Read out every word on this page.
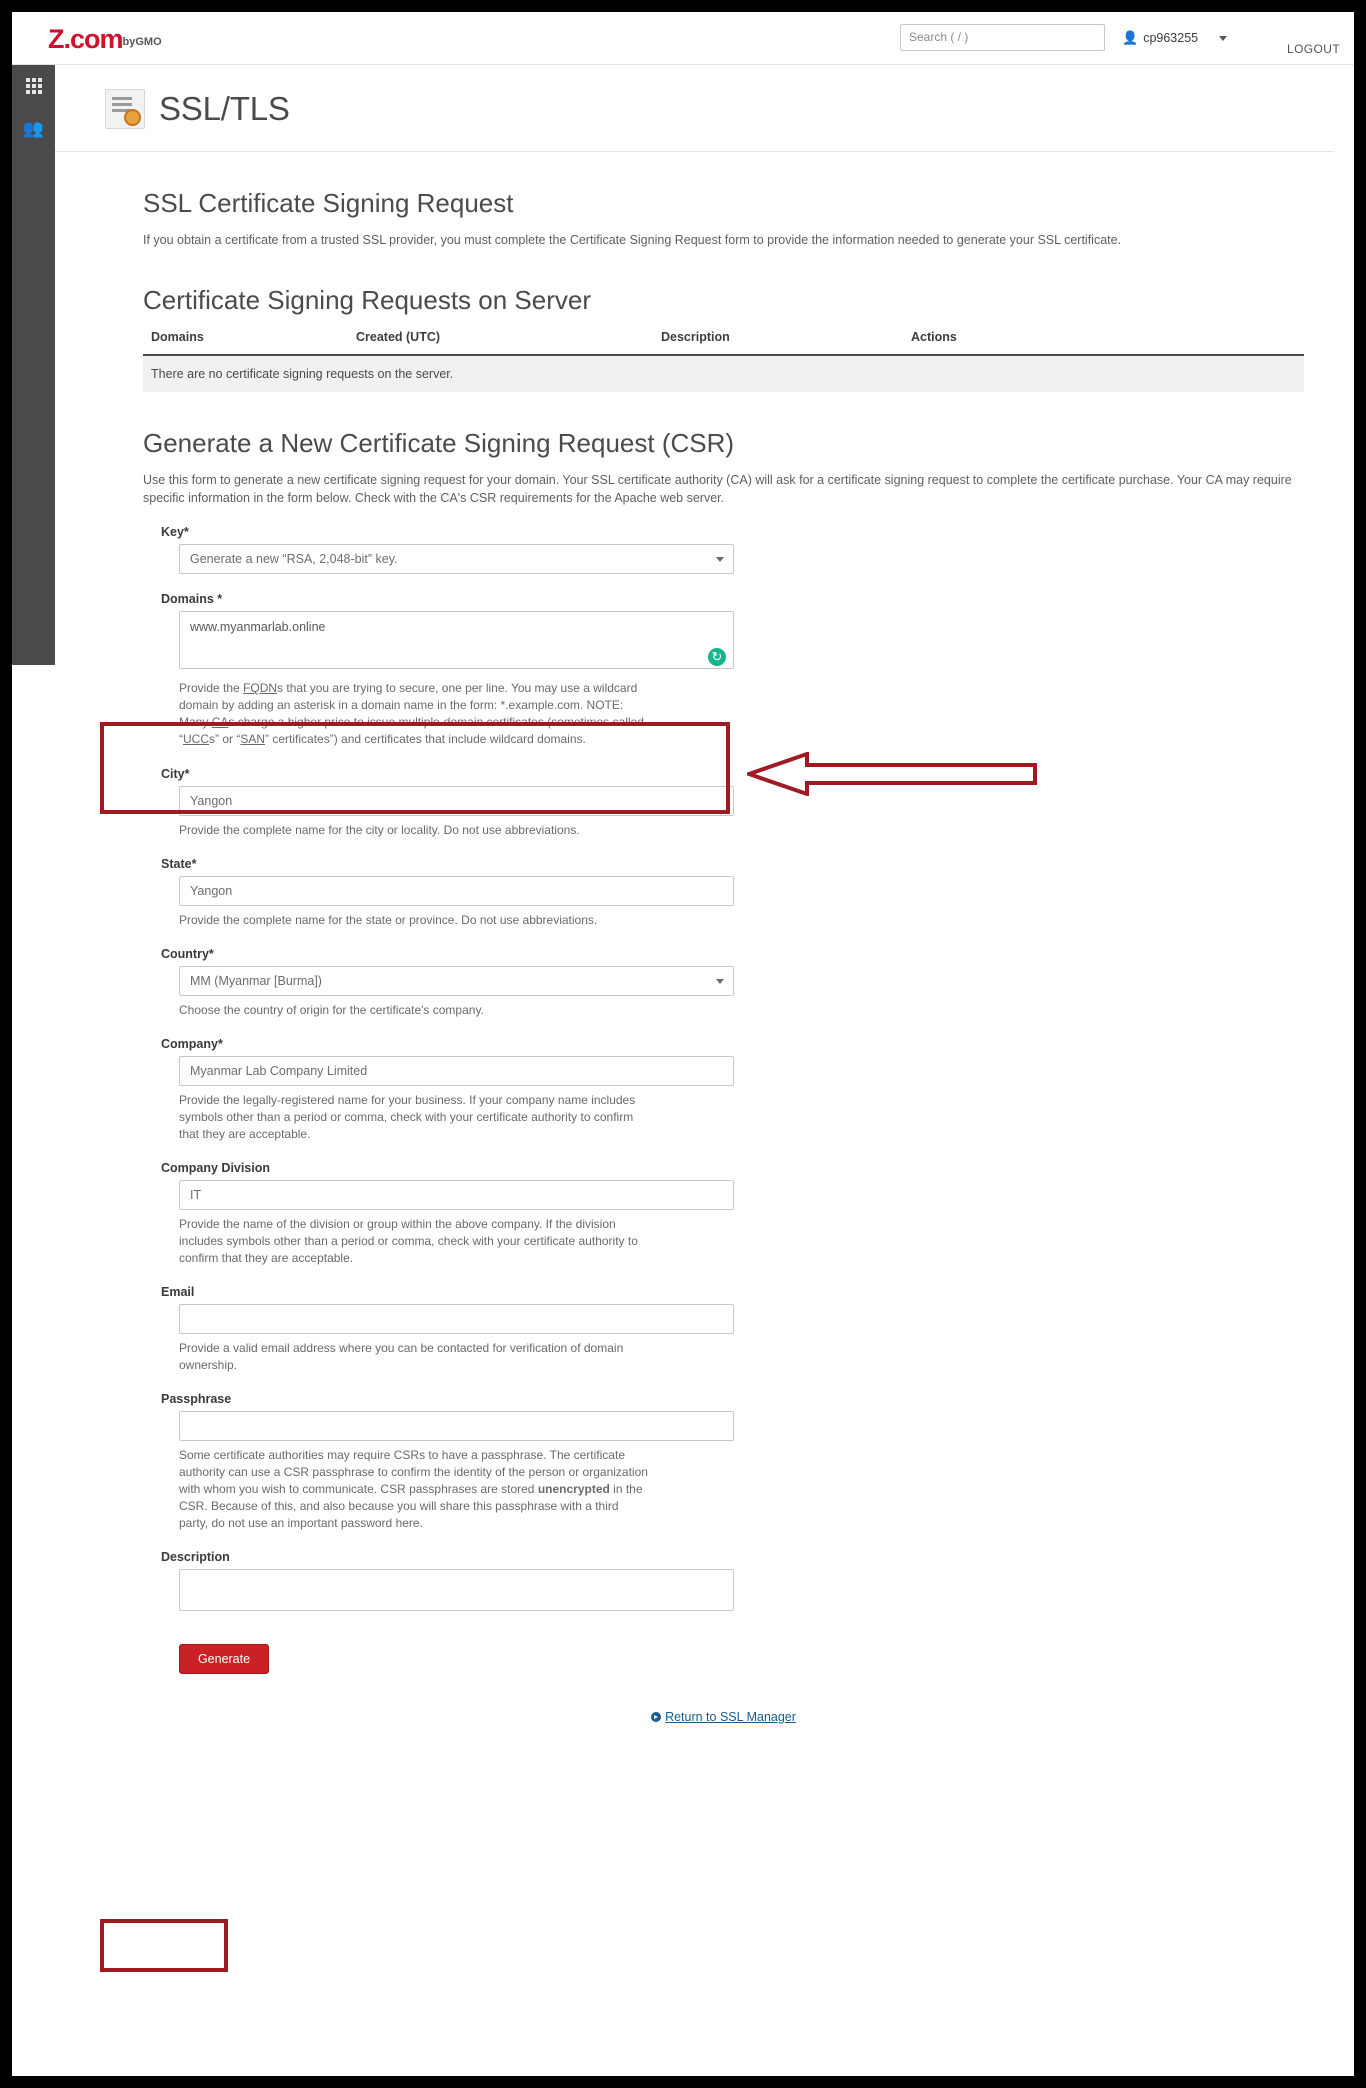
Z.combyGMO	Search ( / )	👤 cp963255
LOGOUT
👥
SSL/TLS
SSL Certificate Signing Request

If you obtain a certificate from a trusted SSL provider, you must complete the Certificate Signing Request form to provide the information needed to generate your SSL certificate.

Certificate Signing Requests on Server
Domains	Created (UTC)	Description	Actions
There are no certificate signing requests on the server.
Generate a New Certificate Signing Request (CSR)

Use this form to generate a new certificate signing request for your domain. Your SSL certificate authority (CA) will ask for a certificate signing request to complete the certificate purchase. Your CA may require specific information in the form below. Check with the CA's CSR requirements for the Apache web server.

Key*
Generate a new “RSA, 2,048-bit” key.
Domains *
www.myanmarlab.online
↻
Provide the FQDNs that you are trying to secure, one per line. You may use a wildcard domain by adding an asterisk in a domain name in the form: *.example.com. NOTE: Many CAs charge a higher price to issue multiple-domain certificates (sometimes called “UCCs” or “SAN” certificates”) and certificates that include wildcard domains.
City*
Yangon
Provide the complete name for the city or locality. Do not use abbreviations.
State*
Yangon
Provide the complete name for the state or province. Do not use abbreviations.
Country*
MM (Myanmar [Burma])
Choose the country of origin for the certificate's company.
Company*
Myanmar Lab Company Limited
Provide the legally-registered name for your business. If your company name includes symbols other than a period or comma, check with your certificate authority to confirm that they are acceptable.
Company Division
IT
Provide the name of the division or group within the above company. If the division includes symbols other than a period or comma, check with your certificate authority to confirm that they are acceptable.
Email
Provide a valid email address where you can be contacted for verification of domain ownership.
Passphrase
Some certificate authorities may require CSRs to have a passphrase. The certificate authority can use a CSR passphrase to confirm the identity of the person or organization with whom you wish to communicate. CSR passphrases are stored unencrypted in the CSR. Because of this, and also because you will share this passphrase with a third party, do not use an important password here.
Description
Generate
Return to SSL Manager
